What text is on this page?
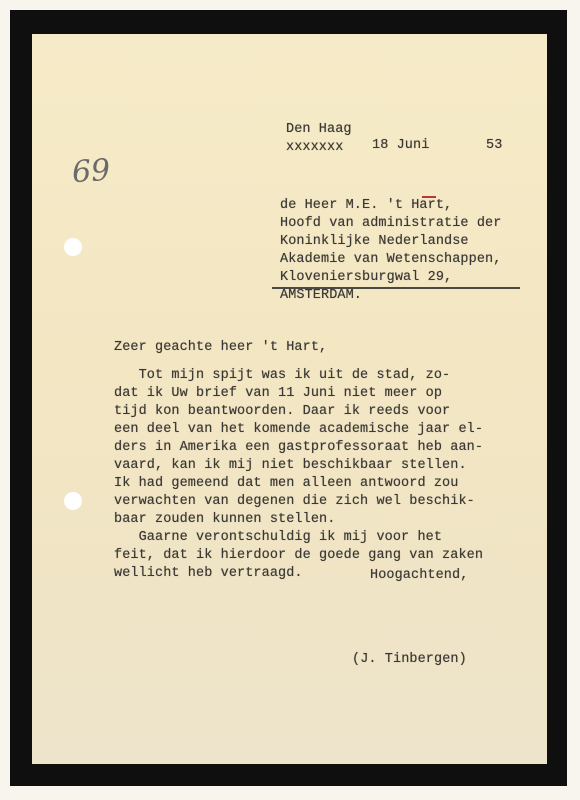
69
Den Haag
xxxxxxx 18 Juni	53
de Heer M.E. 't Hart,
Hoofd van administratie der
Koninklijke Nederlandse
Akademie van Wetenschappen,
Kloveniersburgwal 29,
AMSTERDAM.
Zeer geachte heer 't Hart,
Tot mijn spijt was ik uit de stad, zo-
dat ik Uw brief van 11 Juni niet meer op
tijd kon beantwoorden. Daar ik reeds voor
een deel van het komende academische jaar el-
ders in Amerika een gastprofessoraat heb aan-
vaard, kan ik mij niet beschikbaar stellen.
Ik had gemeend dat men alleen antwoord zou
verwachten van degenen die zich wel beschik-
baar zouden kunnen stellen.
Gaarne verontschuldig ik mij voor het
feit, dat ik hierdoor de goede gang van zaken
wellicht heb vertraagd.	Hoogachtend,
(J. Tinbergen)
